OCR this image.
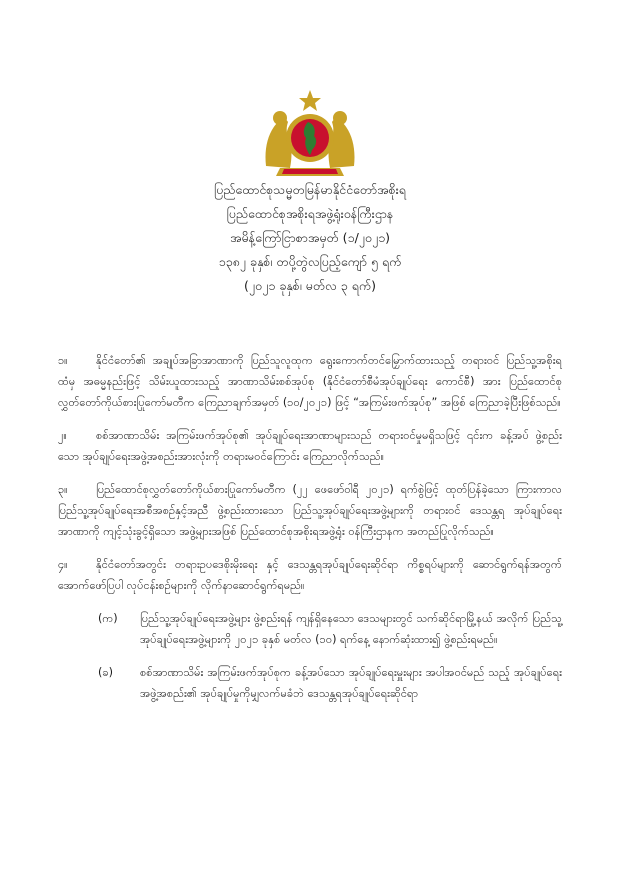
ပြည်ထောင်စုသမ္မတမြန်မာနိုင်ငံတော်အစိုးရ
ပြည်ထောင်စုအစိုးရအဖွဲ့ရုံးဝန်ကြီးဌာန
အမိန့်ကြော်ငြာစာအမှတ် (၁/၂၀၂၁)
၁၃၈၂ ခုနှစ်၊ တပို့တွဲလပြည့်ကျော် ၅ ရက်
(၂၀၂၁ ခုနှစ်၊ မတ်လ ၃ ရက်)
၁။	နိုင်ငံတော်၏ အချုပ်အခြာအာဏာကို ပြည်သူလူထုက ရွေးကောက်တင်မြှောက်ထားသည့် တရားဝင် ပြည်သူ့အစိုးရထံမှ အဓမ္မနည်းဖြင့် သိမ်းယူထားသည့် အာဏာသိမ်းစစ်အုပ်စု (နိုင်ငံတော်စီမံအုပ်ချုပ်ရေး ကောင်စီ) အား ပြည်ထောင်စုလွှတ်တော်ကိုယ်စားပြုကော်မတီက ကြေညာချက်အမှတ် (၁၀/၂၀၂၁) ဖြင့် “အကြမ်းဖက်အုပ်စု” အဖြစ် ကြေညာခဲ့ပြီးဖြစ်သည်။
၂။	စစ်အာဏာသိမ်း အကြမ်းဖက်အုပ်စု၏ အုပ်ချုပ်ရေးအာဏာများသည် တရားဝင်မှုမရှိသဖြင့် ၎င်းက ခန့်အပ် ဖွဲ့စည်းသော အုပ်ချုပ်ရေးအဖွဲ့အစည်းအားလုံးကို တရားမဝင်ကြောင်း ကြေညာလိုက်သည်။
၃။	ပြည်ထောင်စုလွှတ်တော်ကိုယ်စားပြုကော်မတီက (၂၂ ဖေဖော်ဝါရီ ၂၀၂၁) ရက်စွဲဖြင့် ထုတ်ပြန်ခဲ့သော ကြားကာလ ပြည်သူ့အုပ်ချုပ်ရေးအစီအစဉ်နှင့်အညီ ဖွဲ့စည်းထားသော ပြည်သူ့အုပ်ချုပ်ရေးအဖွဲ့များကို တရားဝင် ဒေသန္တရ အုပ်ချုပ်ရေးအာဏာကို ကျင့်သုံးခွင့်ရှိသော အဖွဲ့များအဖြစ် ပြည်ထောင်စုအစိုးရအဖွဲ့ရုံး ဝန်ကြီးဌာနက အတည်ပြုလိုက်သည်။
၄။	နိုင်ငံတော်အတွင်း တရားဥပဒေစိုးမိုးရေး နှင့် ဒေသန္တရအုပ်ချုပ်ရေးဆိုင်ရာ ကိစ္စရပ်များကို ဆောင်ရွက်ရန်အတွက် အောက်ဖော်ပြပါ လုပ်ငန်းစဉ်များကို လိုက်နာဆောင်ရွက်ရမည်။
(က) ပြည်သူ့အုပ်ချုပ်ရေးအဖွဲ့များ ဖွဲ့စည်းရန် ကျန်ရှိနေသော ဒေသများတွင် သက်ဆိုင်ရာမြို့နယ် အလိုက် ပြည်သူ့အုပ်ချုပ်ရေးအဖွဲ့များကို ၂၀၂၁ ခုနှစ် မတ်လ (၁၀) ရက်နေ့ နောက်ဆုံးထား၍ ဖွဲ့စည်းရမည်။
(ခ) စစ်အာဏာသိမ်း အကြမ်းဖက်အုပ်စုက ခန့်အပ်သော အုပ်ချုပ်ရေးမှူးများ အပါအဝင်မည် သည့် အုပ်ချုပ်ရေးအဖွဲ့အစည်း၏ အုပ်ချုပ်မှုကိုမျှလက်မခံဘဲ ဒေသန္တရအုပ်ချုပ်ရေးဆိုင်ရာ
